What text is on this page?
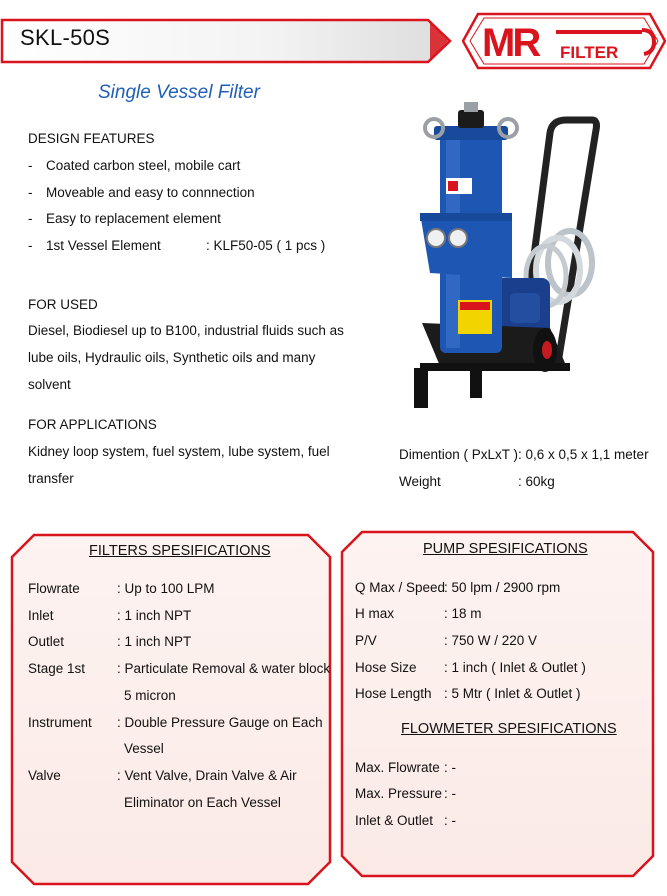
SKL-50S	MR FILTER
Single Vessel Filter
DESIGN FEATURES
- Coated carbon steel, mobile cart
- Moveable and easy to connnection
- Easy to replacement element
- 1st Vessel Element	: KLF50-05 ( 1 pcs )
FOR USED
Diesel, Biodiesel up to B100, industrial fluids such as
lube oils, Hydraulic oils, Synthetic oils and many
solvent
FOR APPLICATIONS
Kidney loop system, fuel system, lube system, fuel
transfer
Dimention ( PxLxT ) : 0,6 x 0,5 x 1,1 meter
Weight	: 60kg
FILTERS SPESIFICATIONS
Flowrate	: Up to 100 LPM
Inlet	: 1 inch NPT
Outlet	: 1 inch NPT
Stage 1st : Particulate Removal & water block
5 micron
Instrument : Double Pressure Gauge on Each
Vessel
Valve	: Vent Valve, Drain Valve & Air
Eliminator on Each Vessel
PUMP SPESIFICATIONS
Q Max / Speed
: 50 lpm / 2900 rpm
H max	: 18 m
P/V	: 750 W / 220 V
Hose Size : 1 inch ( Inlet & Outlet )
Hose Length : 5 Mtr ( Inlet & Outlet )
FLOWMETER SPESIFICATIONS
Max. Flowrate : -
Max. Pressure : -
Inlet & Outlet : -
